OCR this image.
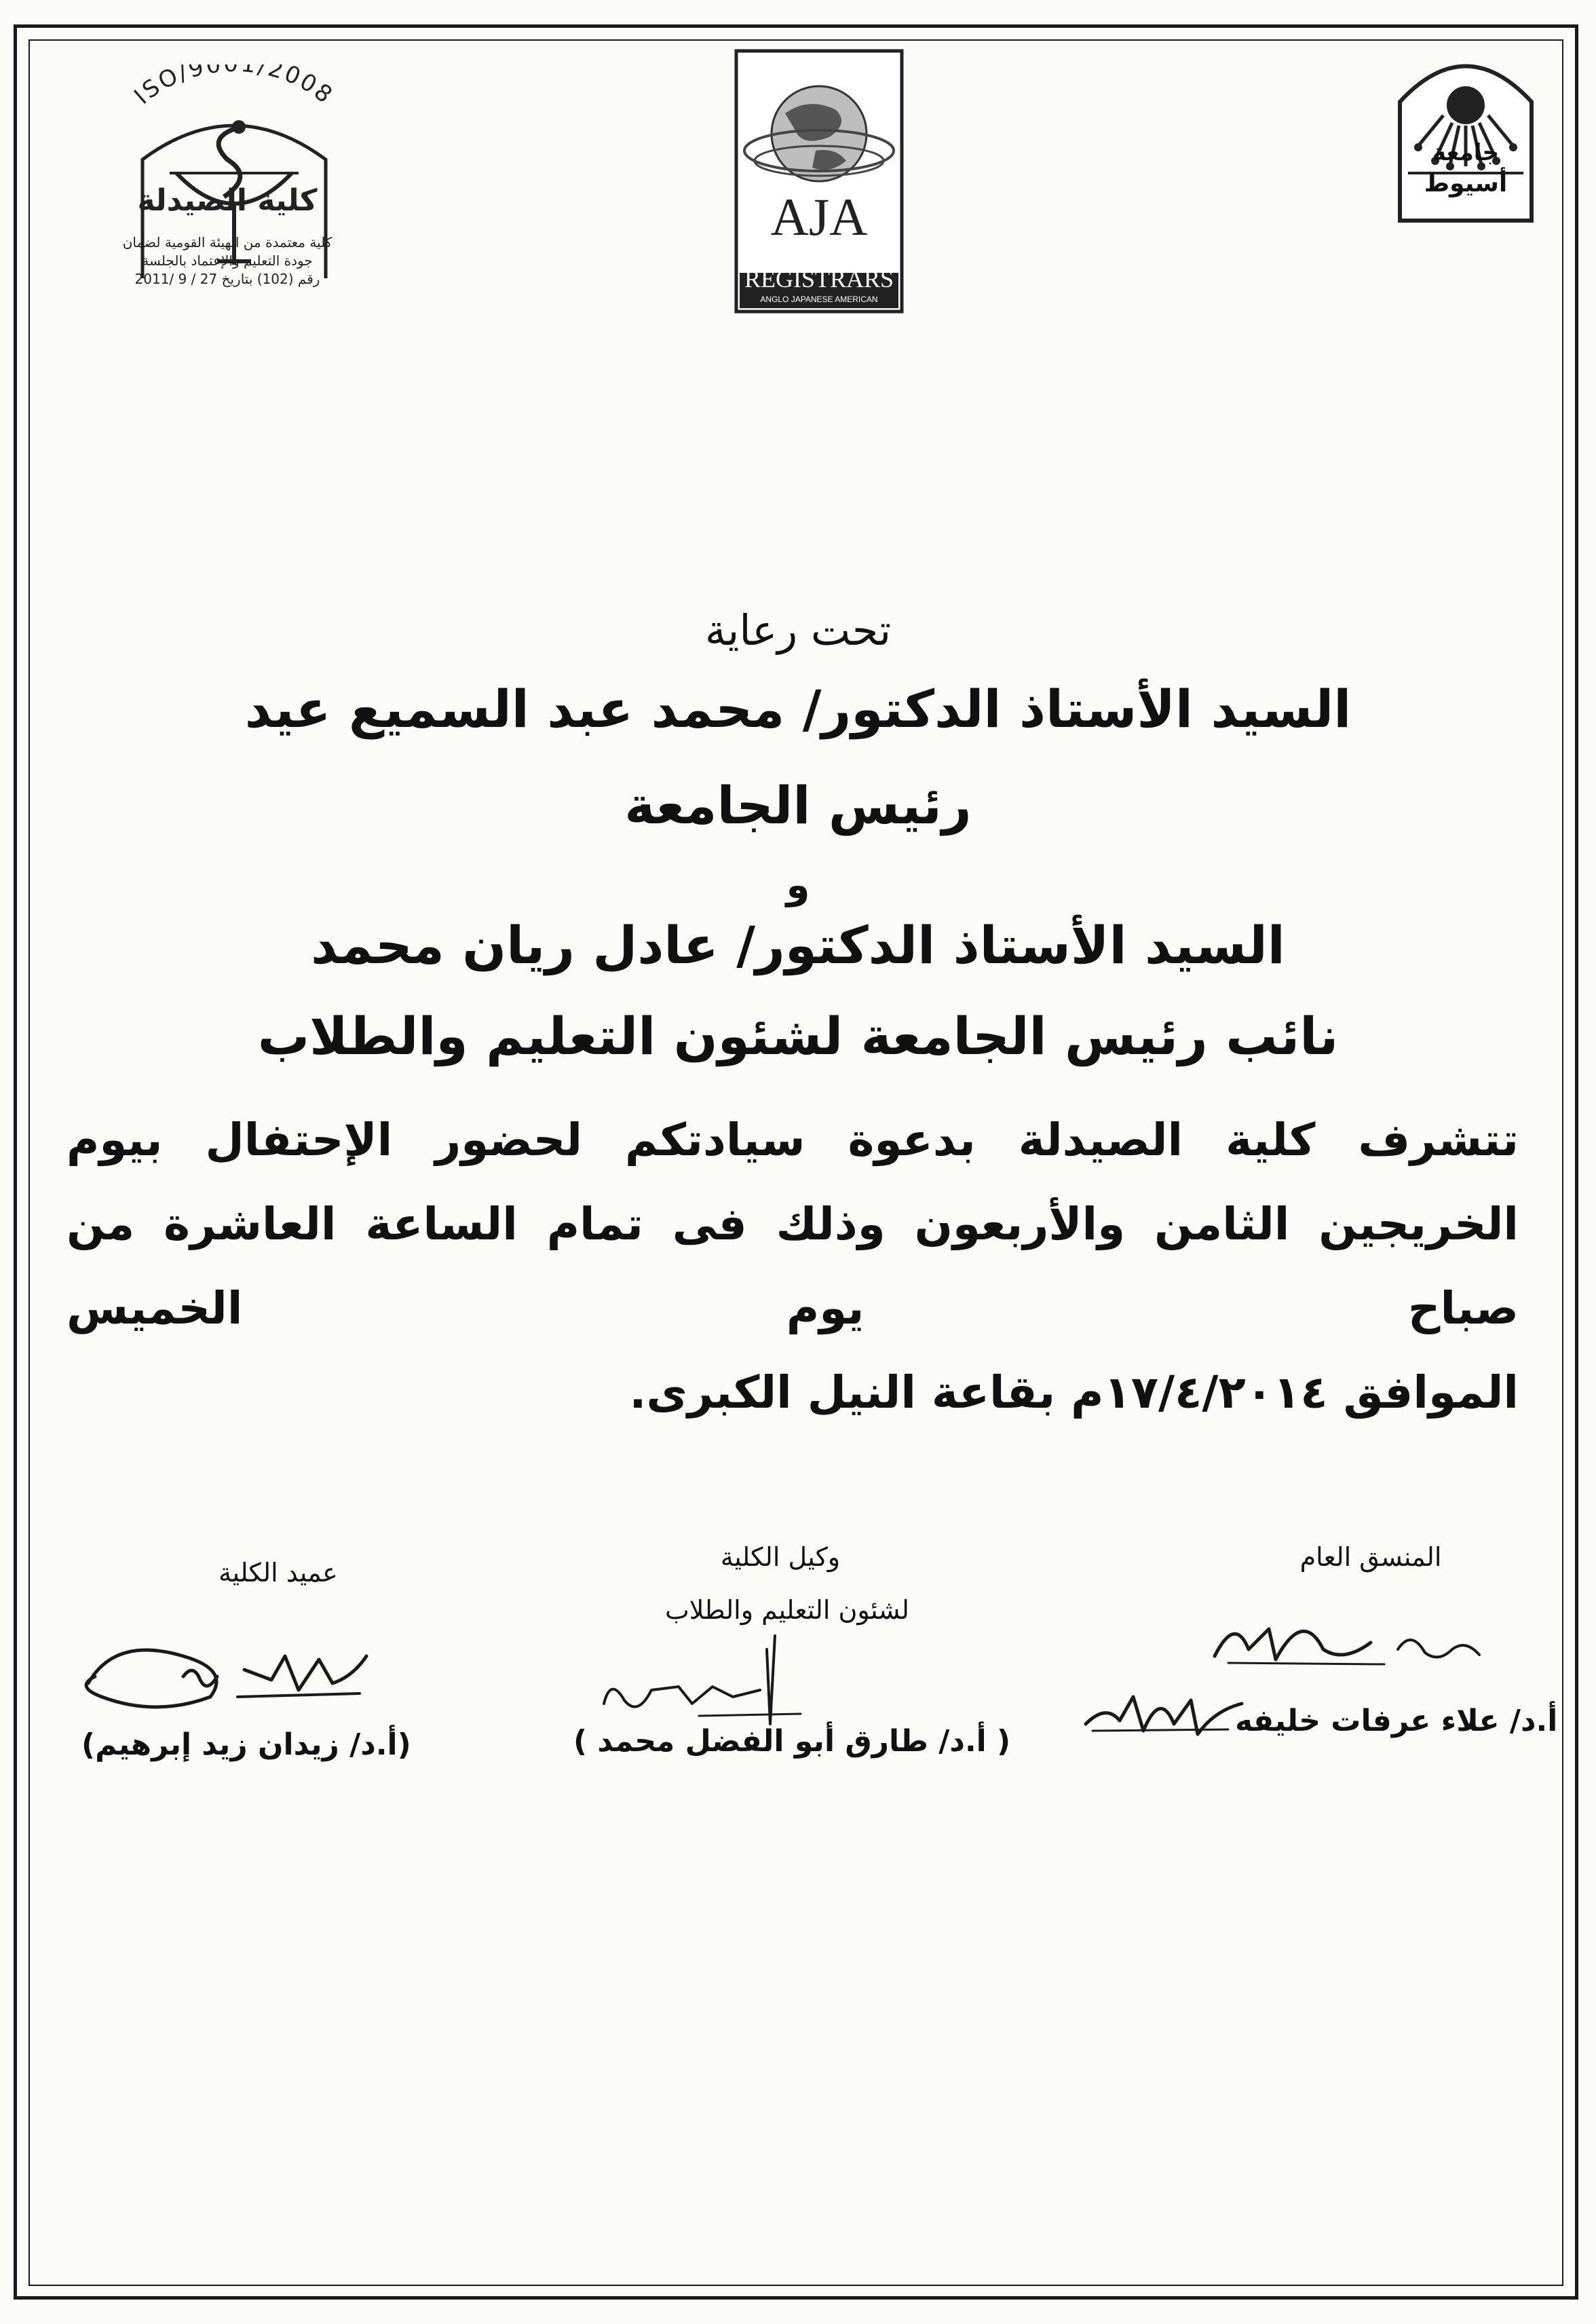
ISO/90 1/2008
كلية الصيدلة
كلية معتمدة من الهيئة القومية لضمان
جودة التعليم والإعتماد بالجلسة
رقم (102) بتاريخ 27 / 9 /2011
AJA
REGISTRARS
ANGLO JAPANESE AMERICAN
جامعة
أسيوط
تحت رعاية
السيد الأستاذ الدكتور/ محمد عبد السميع عيد
رئيس الجامعة
و
السيد الأستاذ الدكتور/ عادل ريان محمد
نائب رئيس الجامعة لشئون التعليم والطلاب
تتشرف كلية الصيدلة بدعوة سيادتكم لحضور الإحتفال بيوم الخريجين الثامن والأربعون وذلك فى تمام الساعة العاشرة من صباح يوم الخميس
الموافق ١٧/٤/٢٠١٤م بقاعة النيل الكبرى.
المنسق العام
أ.د/ علاء عرفات خليفه
وكيل الكلية
لشئون التعليم والطلاب
( أ.د/ طارق أبو الفضل محمد )
عميد الكلية
(أ.د/ زيدان زيد إبرهيم)
